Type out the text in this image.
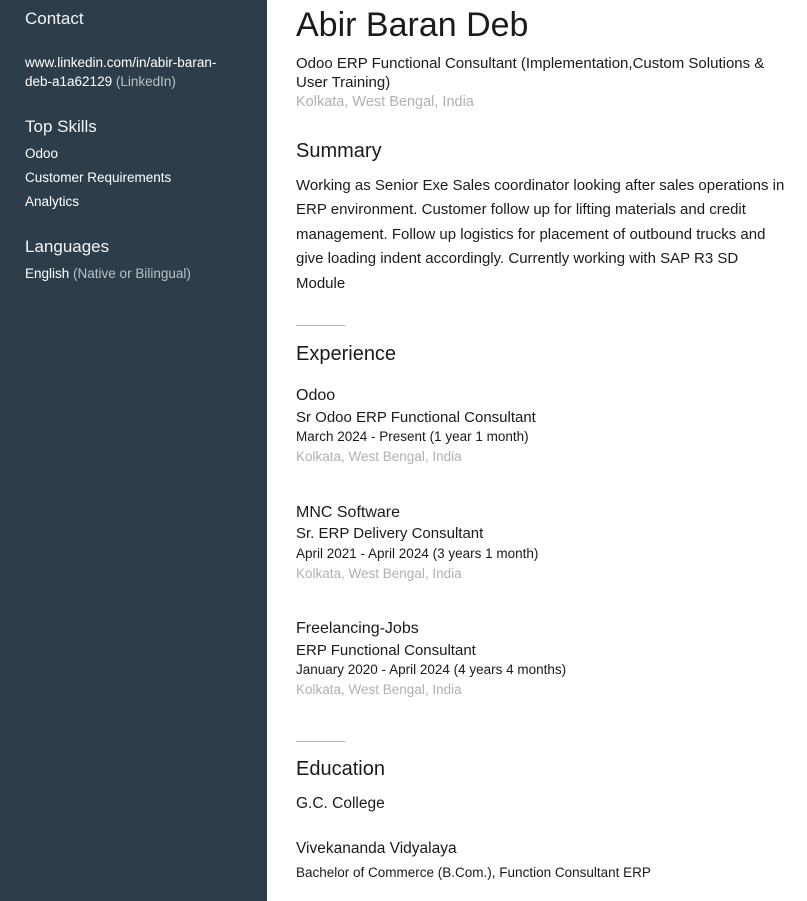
Contact
www.linkedin.com/in/abir-baran-
deb-a1a62129 (LinkedIn)
Top Skills
Odoo
Customer Requirements
Analytics
Languages
English (Native or Bilingual)
Abir Baran Deb
Odoo ERP Functional Consultant (Implementation,Custom Solutions & User Training)
Kolkata, West Bengal, India
Summary
Working as Senior Exe Sales coordinator looking after sales operations in ERP environment. Customer follow up for lifting materials and credit management. Follow up logistics for placement of outbound trucks and give loading indent accordingly. Currently working with SAP R3 SD Module
Experience
Odoo
Sr Odoo ERP Functional Consultant
March 2024 - Present (1 year 1 month)
Kolkata, West Bengal, India
MNC Software
Sr. ERP Delivery Consultant
April 2021 - April 2024 (3 years 1 month)
Kolkata, West Bengal, India
Freelancing-Jobs
ERP Functional Consultant
January 2020 - April 2024 (4 years 4 months)
Kolkata, West Bengal, India
Education
G.C. College
Vivekananda Vidyalaya
Bachelor of Commerce (B.Com.), Function Consultant ERP
